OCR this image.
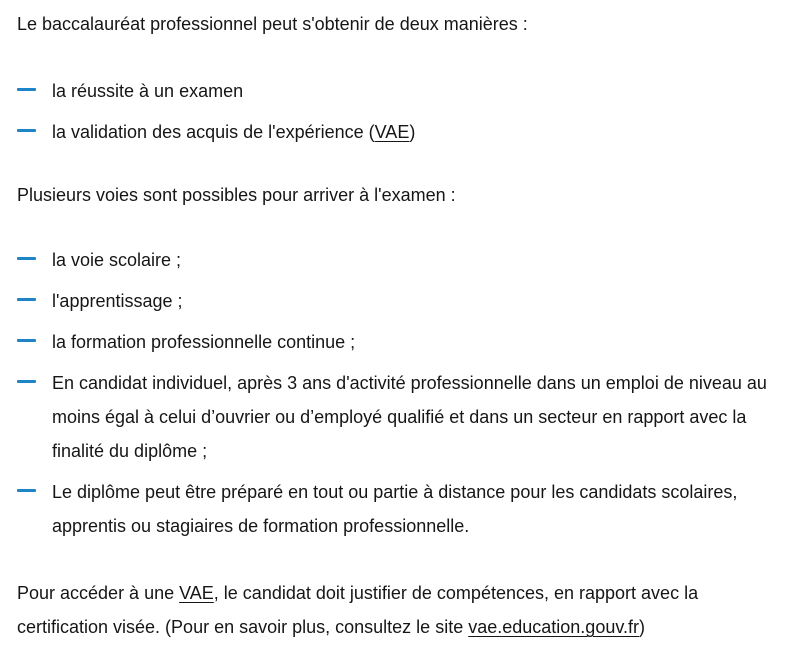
Le baccalauréat professionnel peut s'obtenir de deux manières :

la réussite à un examen
la validation des acquis de l'expérience (VAE)

Plusieurs voies sont possibles pour arriver à l'examen :

la voie scolaire ;
l'apprentissage ;
la formation professionnelle continue ;
En candidat individuel, après 3 ans d'activité professionnelle dans un emploi de niveau au moins égal à celui d’ouvrier ou d’employé qualifié et dans un secteur en rapport avec la finalité du diplôme ;
Le diplôme peut être préparé en tout ou partie à distance pour les candidats scolaires, apprentis ou stagiaires de formation professionnelle.

Pour accéder à une VAE, le candidat doit justifier de compétences, en rapport avec la certification visée. (Pour en savoir plus, consultez le site vae.education.gouv.fr)
